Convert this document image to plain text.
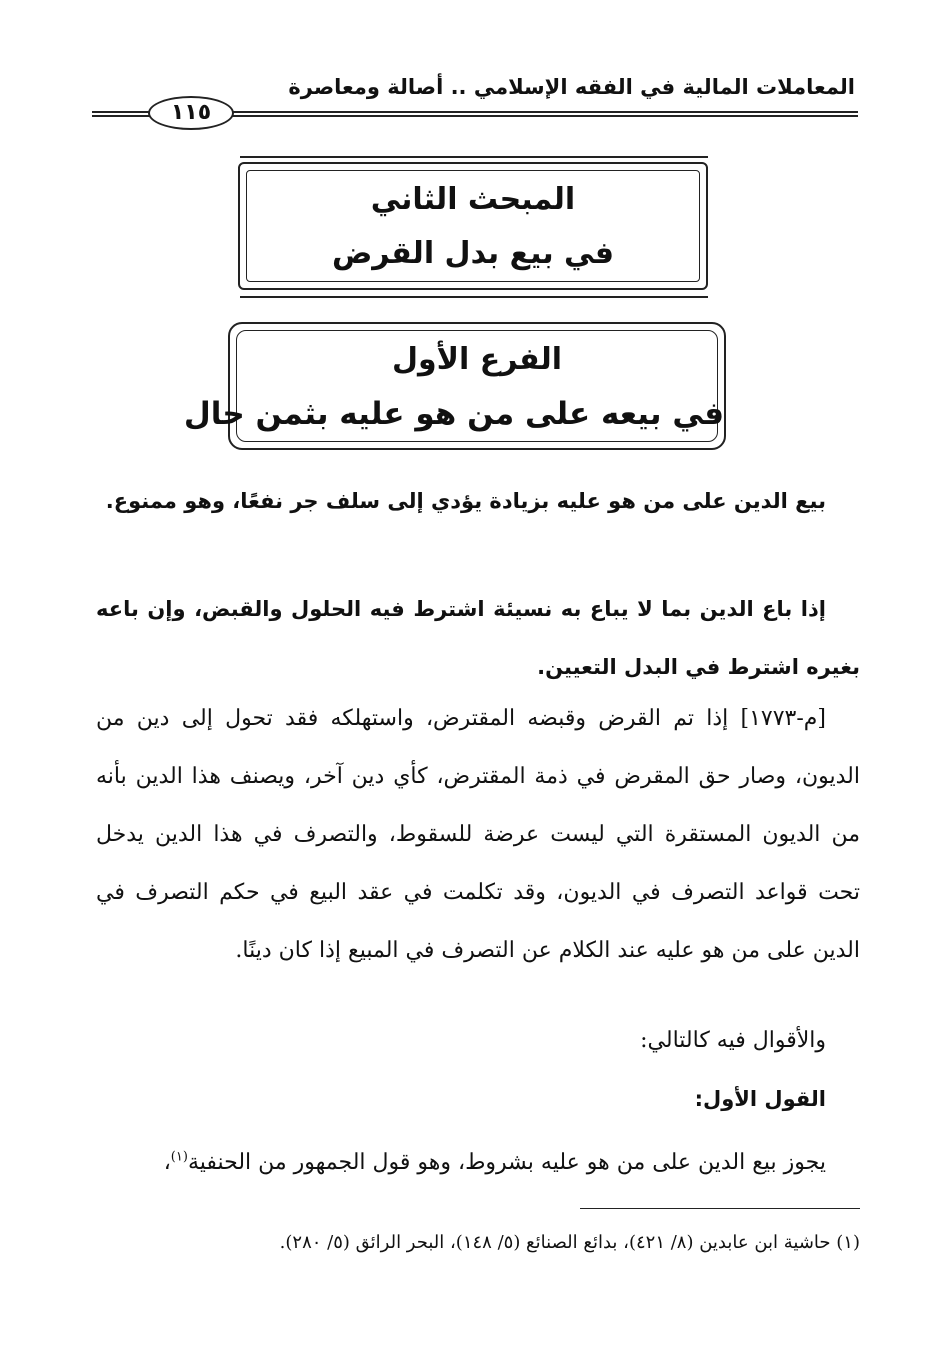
المعاملات المالية في الفقه الإسلامي .. أصالة ومعاصرة
١١٥
المبحث الثاني
في بيع بدل القرض
الفرع الأول
في بيعه على من هو عليه بثمن حال
بيع الدين على من هو عليه بزيادة يؤدي إلى سلف جر نفعًا، وهو ممنوع.
إذا باع الدين بما لا يباع به نسيئة اشترط فيه الحلول والقبض، وإن باعه بغيره اشترط في البدل التعيين.
[م-١٧٧٣] إذا تم القرض وقبضه المقترض، واستهلكه فقد تحول إلى دين من الديون، وصار حق المقرض في ذمة المقترض، كأي دين آخر، ويصنف هذا الدين بأنه من الديون المستقرة التي ليست عرضة للسقوط، والتصرف في هذا الدين يدخل تحت قواعد التصرف في الديون، وقد تكلمت في عقد البيع في حكم التصرف في الدين على من هو عليه عند الكلام عن التصرف في المبيع إذا كان دينًا.
والأقوال فيه كالتالي:
القول الأول:
يجوز بيع الدين على من هو عليه بشروط، وهو قول الجمهور من الحنفية$^{(١)}$،
(١) حاشية ابن عابدين (٨/ ٤٢١)، بدائع الصنائع (٥/ ١٤٨)، البحر الرائق (٥/ ٢٨٠).
